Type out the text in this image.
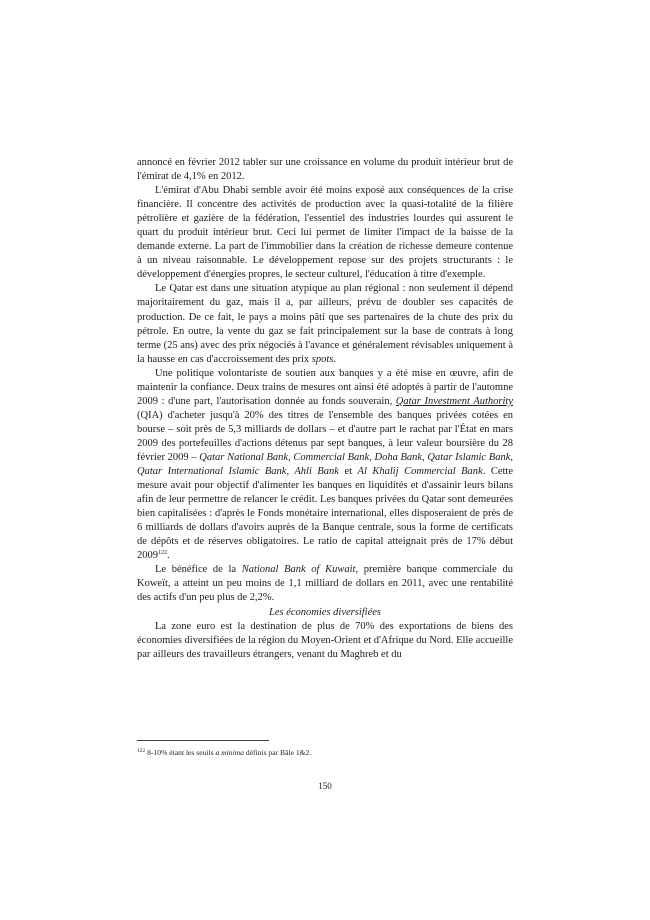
annoncé en février 2012 tabler sur une croissance en volume du produit intérieur brut de l'émirat de 4,1% en 2012.

L'émirat d'Abu Dhabi semble avoir été moins exposé aux conséquences de la crise financière. Il concentre des activités de production avec la quasi-totalité de la filière pétrolière et gazière de la fédération, l'essentiel des industries lourdes qui assurent le quart du produit intérieur brut. Ceci lui permet de limiter l'impact de la baisse de la demande externe. La part de l'immobilier dans la création de richesse demeure contenue à un niveau raisonnable. Le développement repose sur des projets structurants : le développement d'énergies propres, le secteur culturel, l'éducation à titre d'exemple.

Le Qatar est dans une situation atypique au plan régional : non seulement il dépend majoritairement du gaz, mais il a, par ailleurs, prévu de doubler ses capacités de production. De ce fait, le pays a moins pâti que ses partenaires de la chute des prix du pétrole. En outre, la vente du gaz se fait principalement sur la base de contrats à long terme (25 ans) avec des prix négociés à l'avance et généralement révisables uniquement à la hausse en cas d'accroissement des prix spots.

Une politique volontariste de soutien aux banques y a été mise en œuvre, afin de maintenir la confiance. Deux trains de mesures ont ainsi été adoptés à partir de l'automne 2009 : d'une part, l'autorisation donnée au fonds souverain, Qatar Investment Authority (QIA) d'acheter jusqu'à 20% des titres de l'ensemble des banques privées cotées en bourse – soit près de 5,3 milliards de dollars – et d'autre part le rachat par l'État en mars 2009 des portefeuilles d'actions détenus par sept banques, à leur valeur boursière du 28 février 2009 – Qatar National Bank, Commercial Bank, Doha Bank, Qatar Islamic Bank, Qatar International Islamic Bank, Ahli Bank et Al Khalij Commercial Bank. Cette mesure avait pour objectif d'alimenter les banques en liquidités et d'assainir leurs bilans afin de leur permettre de relancer le crédit. Les banques privées du Qatar sont demeurées bien capitalisées : d'après le Fonds monétaire international, elles disposeraient de près de 6 milliards de dollars d'avoirs auprès de la Banque centrale, sous la forme de certificats de dépôts et de réserves obligatoires. Le ratio de capital atteignait près de 17% début 2009$^{122}$.

Le bénéfice de la National Bank of Kuwait, première banque commerciale du Koweït, a atteint un peu moins de 1,1 milliard de dollars en 2011, avec une rentabilité des actifs d'un peu plus de 2,2%.

Les économies diversifiées

La zone euro est la destination de plus de 70% des exportations de biens des économies diversifiées de la région du Moyen-Orient et d'Afrique du Nord. Elle accueille par ailleurs des travailleurs étrangers, venant du Maghreb et du

$^{122}$ 8-10% étant les seuils a minima définis par Bâle 1&2.
150
